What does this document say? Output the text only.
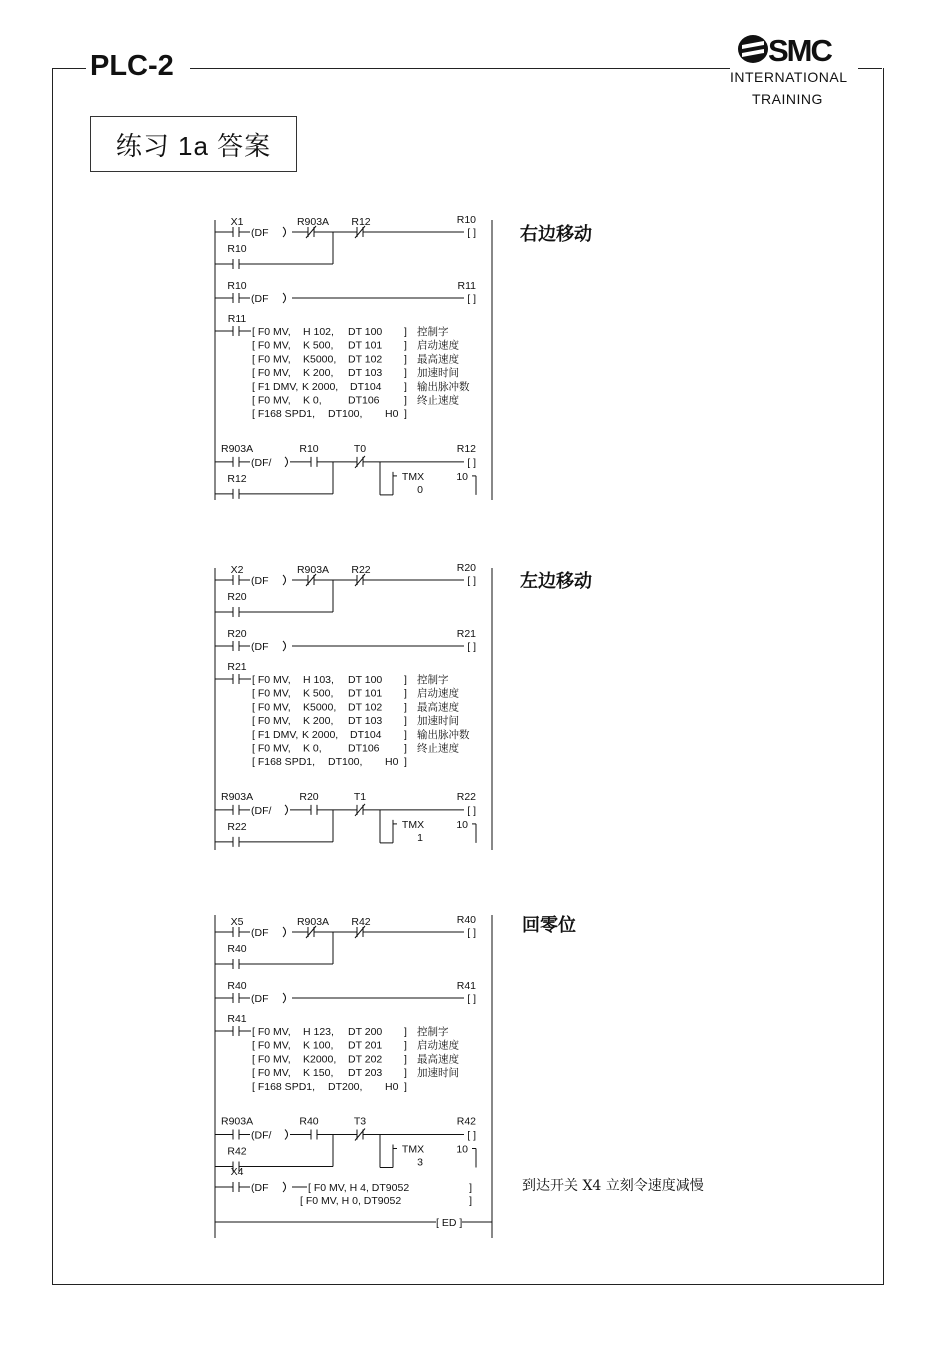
PLC-2	SMC
INTERNATIONAL
TRAINING
练习 1a 答案
右边移动
左边移动
回零位
到达开关 X4 立刻令速度减慢
X1
(DF
R903A R12	R10
[ ]
R10
R10
(DF
R11
[ ]
R11
[ F0 MV, H 102, DT 100 ] 控制字
[ F0 MV, K 500, DT 101 ] 启动速度
[ F0 MV, K5000, DT 102 ] 最高速度
[ F0 MV, K 200, DT 103 ] 加速时间
[ F1 DMV, K 2000, DT104 ] 输出脉冲数
[ F0 MV, K 0,	DT106 ] 终止速度
[ F168 SPD1, DT100, H0 ]
R903A
(DF/
R10	T0	R12
[ ]
TMX
0
10
R12
X2
(DF
R903A R22	R20
[ ]
R20
R20
(DF
R21
[ ]
R21
[ F0 MV, H 103, DT 100 ] 控制字
[ F0 MV, K 500, DT 101 ] 启动速度
[ F0 MV, K5000, DT 102 ] 最高速度
[ F0 MV, K 200, DT 103 ] 加速时间
[ F1 DMV, K 2000, DT104 ] 输出脉冲数
[ F0 MV, K 0,	DT106 ] 终止速度
[ F168 SPD1, DT100, H0 ]
R903A
(DF/
R20	T1	R22
[ ]
TMX
1
10
R22
X5
(DF
R903A R42	R40
[ ]
R40
R40
(DF
R41
[ ]
R41
[ F0 MV, H 123, DT 200 ] 控制字
[ F0 MV, K 100, DT 201 ] 启动速度
[ F0 MV, K2000, DT 202 ] 最高速度
[ F0 MV, K 150, DT 203 ] 加速时间
[ F168 SPD1, DT200, H0 ]
R903A
(DF/
R40	T3	R42
[ ]
TMX
3
10
R42
X4
(DF	[ F0 MV, H 4, DT9052
[ F0 MV, H 0, DT9052
]
]
[ ED ]
